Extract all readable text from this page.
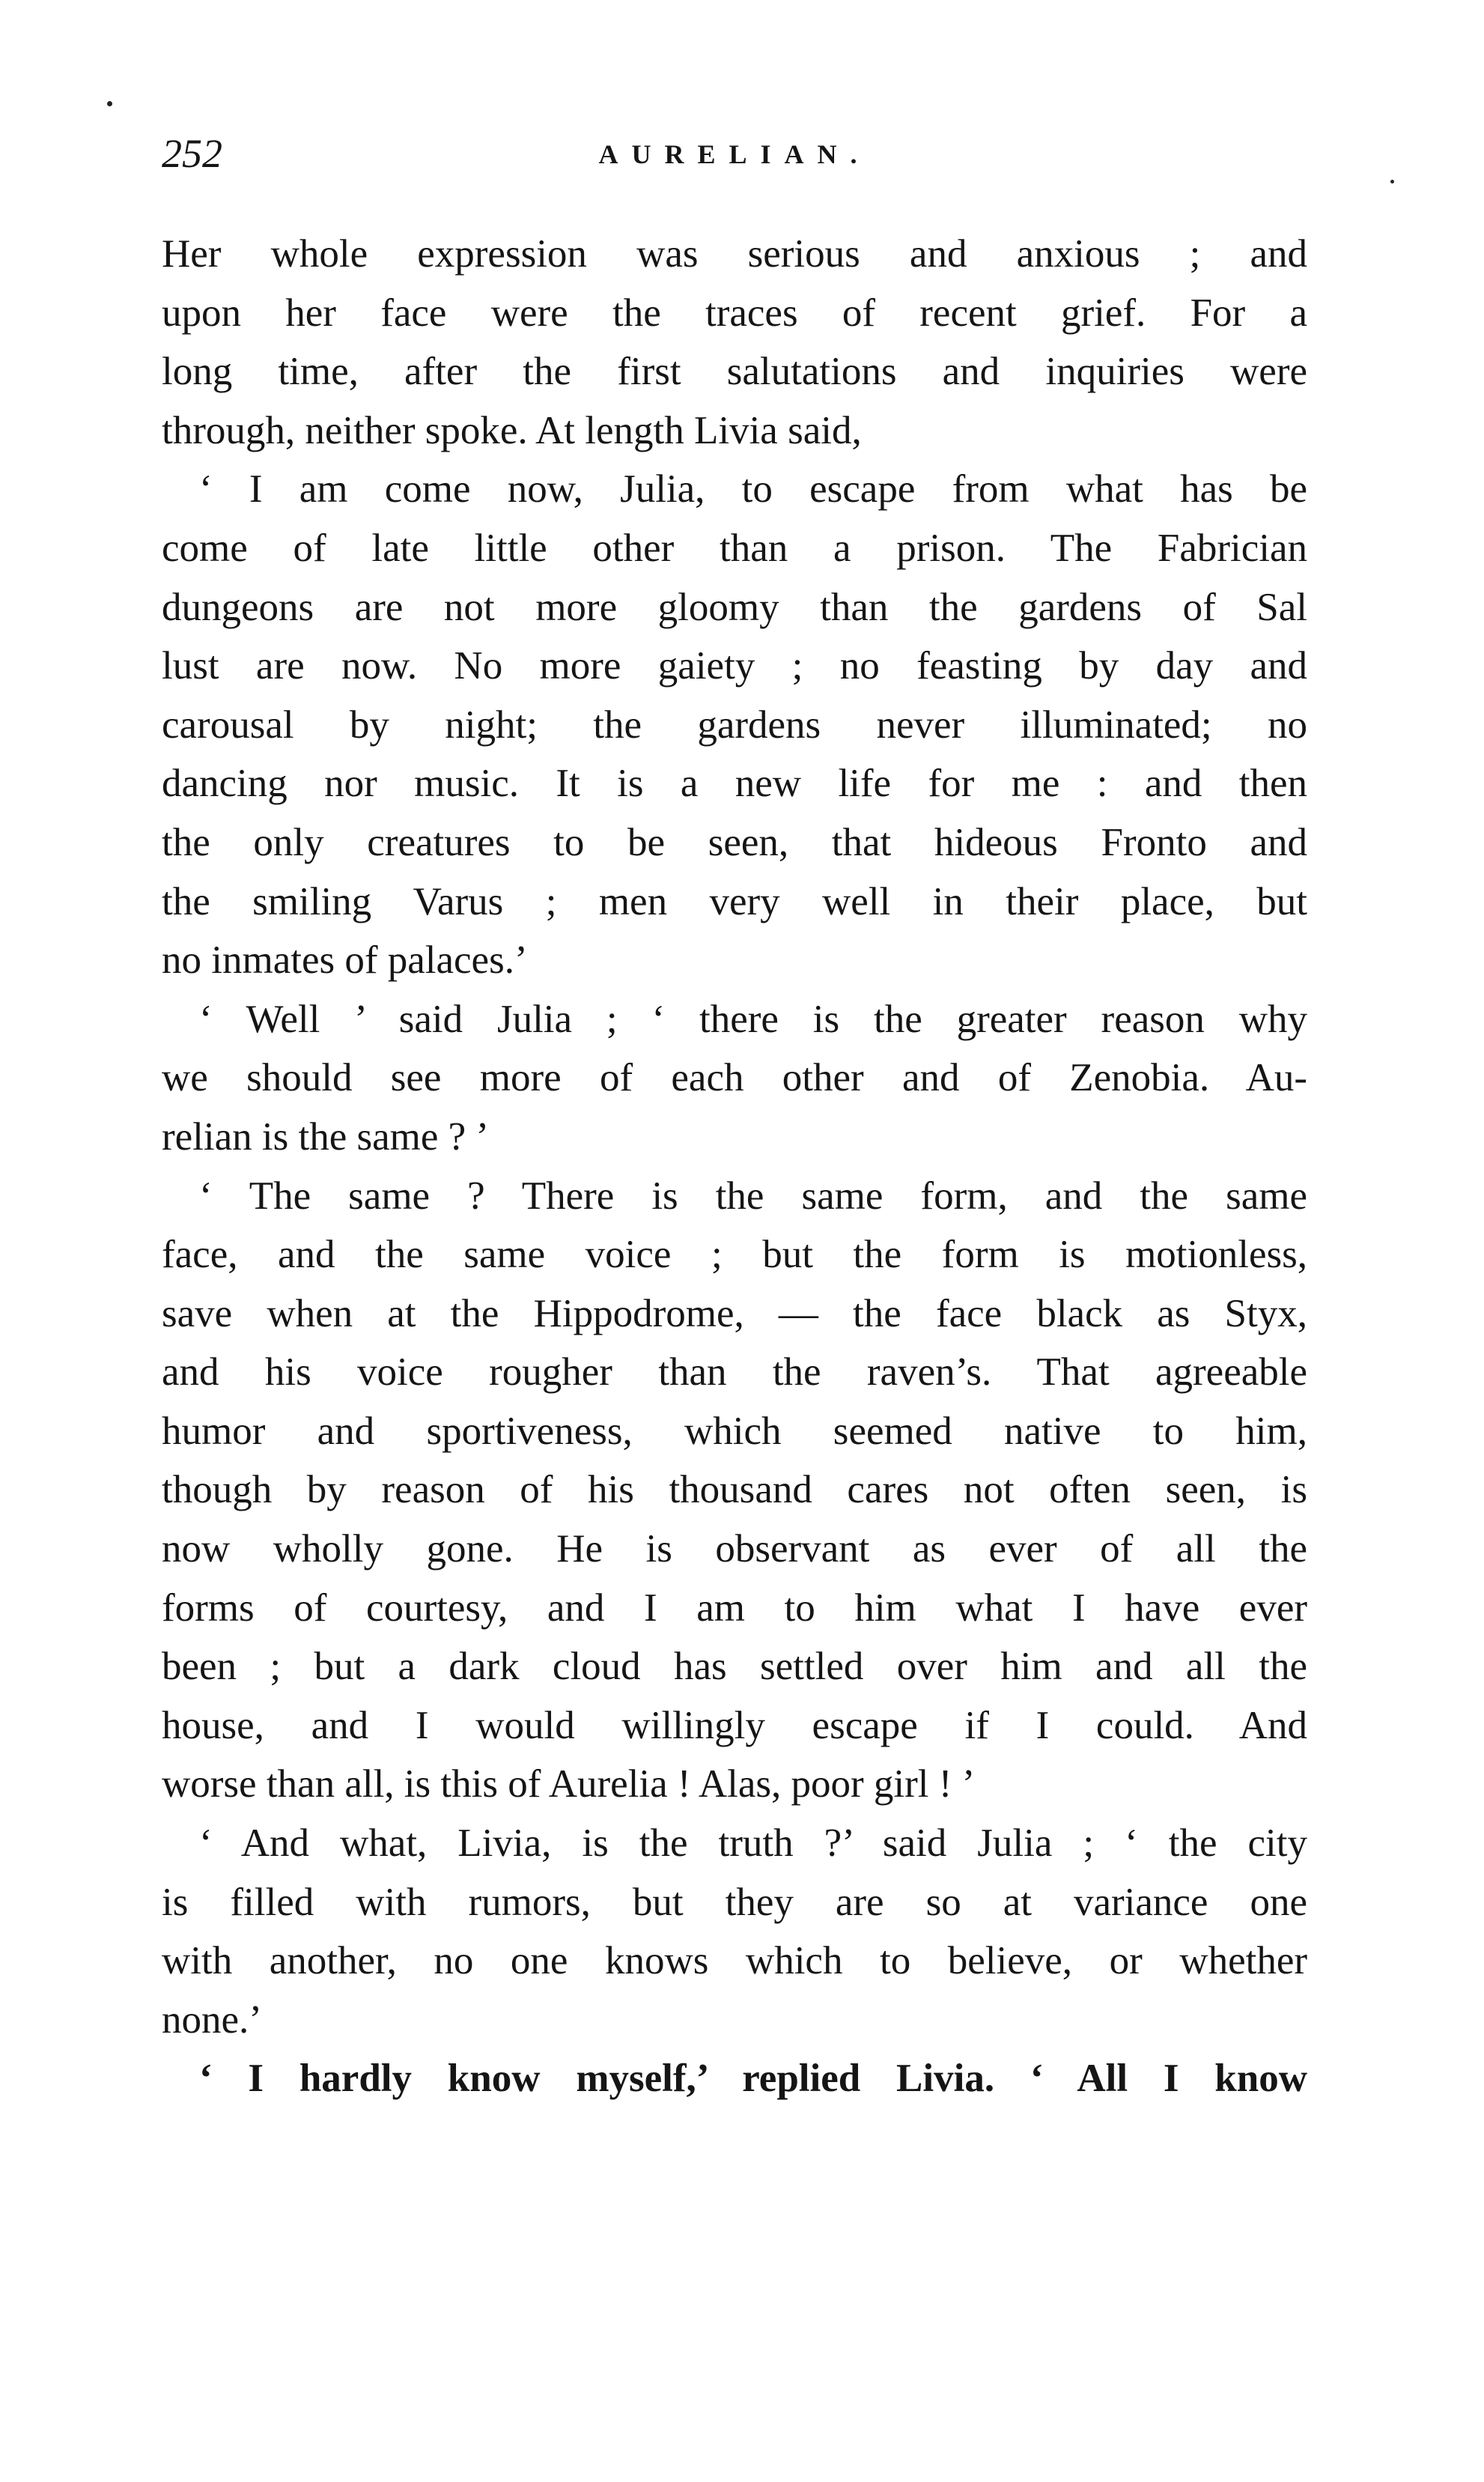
252	AURELIAN.
Her whole expression was serious and anxious ; and
upon her face were the traces of recent grief. For a
long time, after the first salutations and inquiries were
through, neither spoke. At length Livia said,
‘ I am come now, Julia, to escape from what has be
come of late little other than a prison. The Fabrician
dungeons are not more gloomy than the gardens of Sal
lust are now. No more gaiety ; no feasting by day and
carousal by night; the gardens never illuminated; no
dancing nor music. It is a new life for me : and then
the only creatures to be seen, that hideous Fronto and
the smiling Varus ; men very well in their place, but
no inmates of palaces.’
‘ Well ’ said Julia ; ‘ there is the greater reason why
we should see more of each other and of Zenobia. Au-
relian is the same ? ’
‘ The same ? There is the same form, and the same
face, and the same voice ; but the form is motionless,
save when at the Hippodrome, — the face black as Styx,
and his voice rougher than the raven’s. That agreeable
humor and sportiveness, which seemed native to him,
though by reason of his thousand cares not often seen, is
now wholly gone. He is observant as ever of all the
forms of courtesy, and I am to him what I have ever
been ; but a dark cloud has settled over him and all the
house, and I would willingly escape if I could. And
worse than all, is this of Aurelia ! Alas, poor girl ! ’
‘ And what, Livia, is the truth ?’ said Julia ; ‘ the city
is filled with rumors, but they are so at variance one
with another, no one knows which to believe, or whether
none.’
‘ I hardly know myself,’ replied Livia. ‘ All I know
